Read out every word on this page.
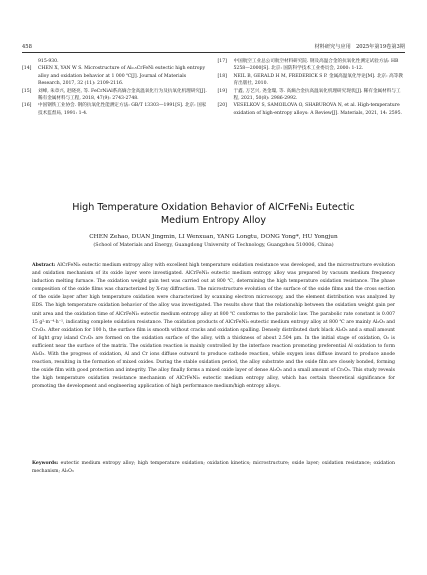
458	材料研究与应用　2025年第19卷第3期
915-930.
[14]	CHEN X, YAN W S. Microstructure of Al₀.₅CrFeNi eutectic high entropy alloy and oxidation behavior at 1 000 ℃[J]. Journal of Materials Research, 2017, 32 (11): 2109-2116.
[15]	刘峰, 朱章兴, 赵晓亮, 等. FeCrNiAl系高熵合金高温氧化行为及抗氧化机理研究[J]. 稀有金属材料与工程, 2018, 47(9): 2743-2748.
[16]	中国钢铁工业协会. 钢的抗氧化性能测定方法: GB/T 13303—1991[S]. 北京: 国家技术监督局, 1991: 1-4.
[17]	中国航空工业总公司航空材料研究院. 钢及高温合金的抗氧化性测定试验方法: HB 5258—2000[S]. 北京: 国防科学技术工业委员会, 2000: 1-12.
[18]	NEIL B, GERALD H M, FREDERICK S P. 金属高温氧化导论[M]. 北京: 高等教育出版社, 2010.
[19]	于鑫, 万艺兴, 尧金璨, 等. 高熵合金抗高温氧化机理研究现状[J]. 稀有金属材料与工程, 2021, 50(8): 2986-2992.
[20]	VESELKOV S, SAMOILOVA O, SHABUROVA N, et al. High-temperature oxidation of high-entropy alloys: A Review[J]. Materials, 2021, 14: 2595.
High Temperature Oxidation Behavior of AlCrFeNi₃ Eutectic Medium Entropy Alloy
CHEN Zehao, DUAN Jingmin, LI Wenxuan, YANG Longtu, DONG Yong*, HU Yongjun
(School of Materials and Energy, Guangdong University of Technology, Guangzhou 510006, China)
Abstract: AlCrFeNi₃ eutectic medium entropy alloy with excellent high temperature oxidation resistance was developed, and the microstructure evolution and oxidation mechanism of its oxide layer were investigated. AlCrFeNi₃ eutectic medium entropy alloy was prepared by vacuum medium frequency induction melting furnace. The oxidation weight gain test was carried out at 800 ℃, determining the high temperature oxidation resistance. The phase composition of the oxide films was characterized by X-ray diffraction. The microstructure evolution of the surface of the oxide films and the cross section of the oxide layer after high temperature oxidation were characterized by scanning electron microscopy, and the element distribution was analyzed by EDS. The high temperature oxidation behavior of the alloy was investigated. The results show that the relationship between the oxidation weight gain per unit area and the oxidation time of AlCrFeNi₃ eutectic medium entropy alloy at 800 ℃ conforms to the parabolic law. The parabolic rate constant is 0.007 15 g²·m⁻⁴·h⁻¹, indicating complete oxidation resistance. The oxidation products of AlCrFeNi₃ eutectic medium entropy alloy at 800 ℃ are mainly Al₂O₃ and Cr₂O₃. After oxidation for 100 h, the surface film is smooth without cracks and oxidation spalling. Densely distributed dark black Al₂O₃ and a small amount of light gray island Cr₂O₃ are formed on the oxidation surface of the alloy, with a thickness of about 2.504 μm. In the initial stage of oxidation, O₂ is sufficient near the surface of the matrix. The oxidation reaction is mainly controlled by the interface reaction promoting preferential Al oxidation to form Al₂O₃. With the progress of oxidation, Al and Cr ions diffuse outward to produce cathode reaction, while oxygen ions diffuse inward to produce anode reaction, resulting in the formation of mixed oxides. During the stable oxidation period, the alloy substrate and the oxide film are closely bonded, forming the oxide film with good protection and integrity. The alloy finally forms a mixed oxide layer of dense Al₂O₃ and a small amount of Cr₂O₃. This study reveals the high temperature oxidation resistance mechanism of AlCrFeNi₃ eutectic medium entropy alloy, which has certain theoretical significance for promoting the development and engineering application of high performance medium/high entropy alloys.
Keywords: eutectic medium entropy alloy; high temperature oxidation; oxidation kinetics; microstructure; oxide layer; oxidation resistance; oxidation mechanism; Al₂O₃
